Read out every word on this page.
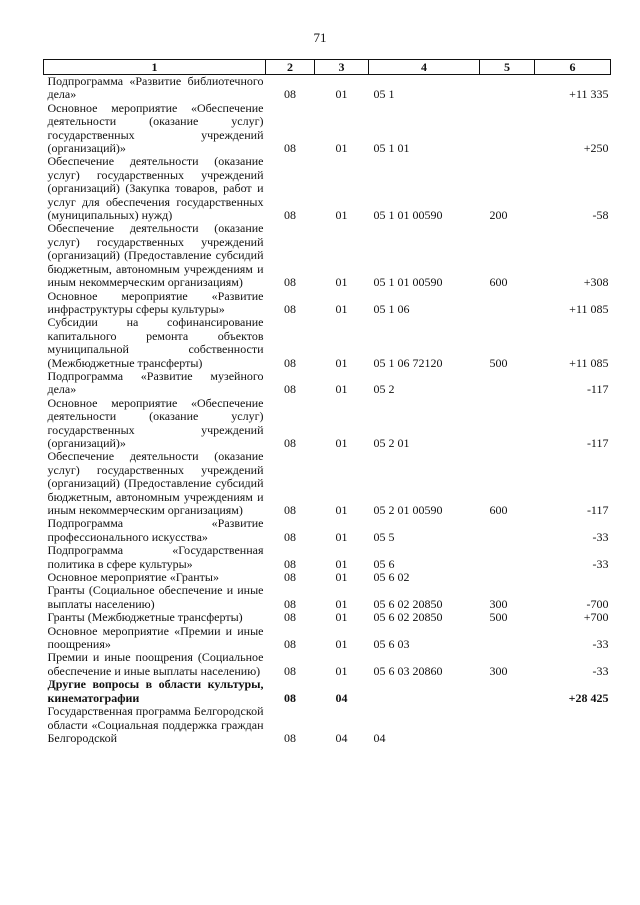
71
1	2	3	4	5	6
Подпрограмма «Развитие библиотечного дела»	08	01	05 1		+11 335
Основное мероприятие «Обеспечение деятельности (оказание услуг) государственных учреждений (организаций)»	08	01	05 1 01		+250
Обеспечение деятельности (оказание услуг) государственных учреждений (организаций) (Закупка товаров, работ и услуг для обеспечения государственных (муниципальных) нужд)	08	01	05 1 01 00590	200	-58
Обеспечение деятельности (оказание услуг) государственных учреждений (организаций) (Предоставление субсидий бюджетным, автономным учреждениям и иным некоммерческим организациям)	08	01	05 1 01 00590	600	+308
Основное мероприятие «Развитие инфраструктуры сферы культуры»	08	01	05 1 06		+11 085
Субсидии на софинансирование капитального ремонта объектов муниципальной собственности (Межбюджетные трансферты)	08	01	05 1 06 72120	500	+11 085
Подпрограмма «Развитие музейного дела»	08	01	05 2		-117
Основное мероприятие «Обеспечение деятельности (оказание услуг) государственных учреждений (организаций)»	08	01	05 2 01		-117
Обеспечение деятельности (оказание услуг) государственных учреждений (организаций) (Предоставление субсидий бюджетным, автономным учреждениям и иным некоммерческим организациям)	08	01	05 2 01 00590	600	-117
Подпрограмма «Развитие профессионального искусства»	08	01	05 5		-33
Подпрограмма «Государственная политика в сфере культуры»	08	01	05 6		-33
Основное мероприятие «Гранты»	08	01	05 6 02		
Гранты (Социальное обеспечение и иные выплаты населению)	08	01	05 6 02 20850	300	-700
Гранты (Межбюджетные трансферты)	08	01	05 6 02 20850	500	+700
Основное мероприятие «Премии и иные поощрения»	08	01	05 6 03		-33
Премии и иные поощрения (Социальное обеспечение и иные выплаты населению)	08	01	05 6 03 20860	300	-33
Другие вопросы в области культуры, кинематографии	08	04			+28 425
Государственная программа Белгородской области «Социальная поддержка граждан Белгородской	08	04	04		
